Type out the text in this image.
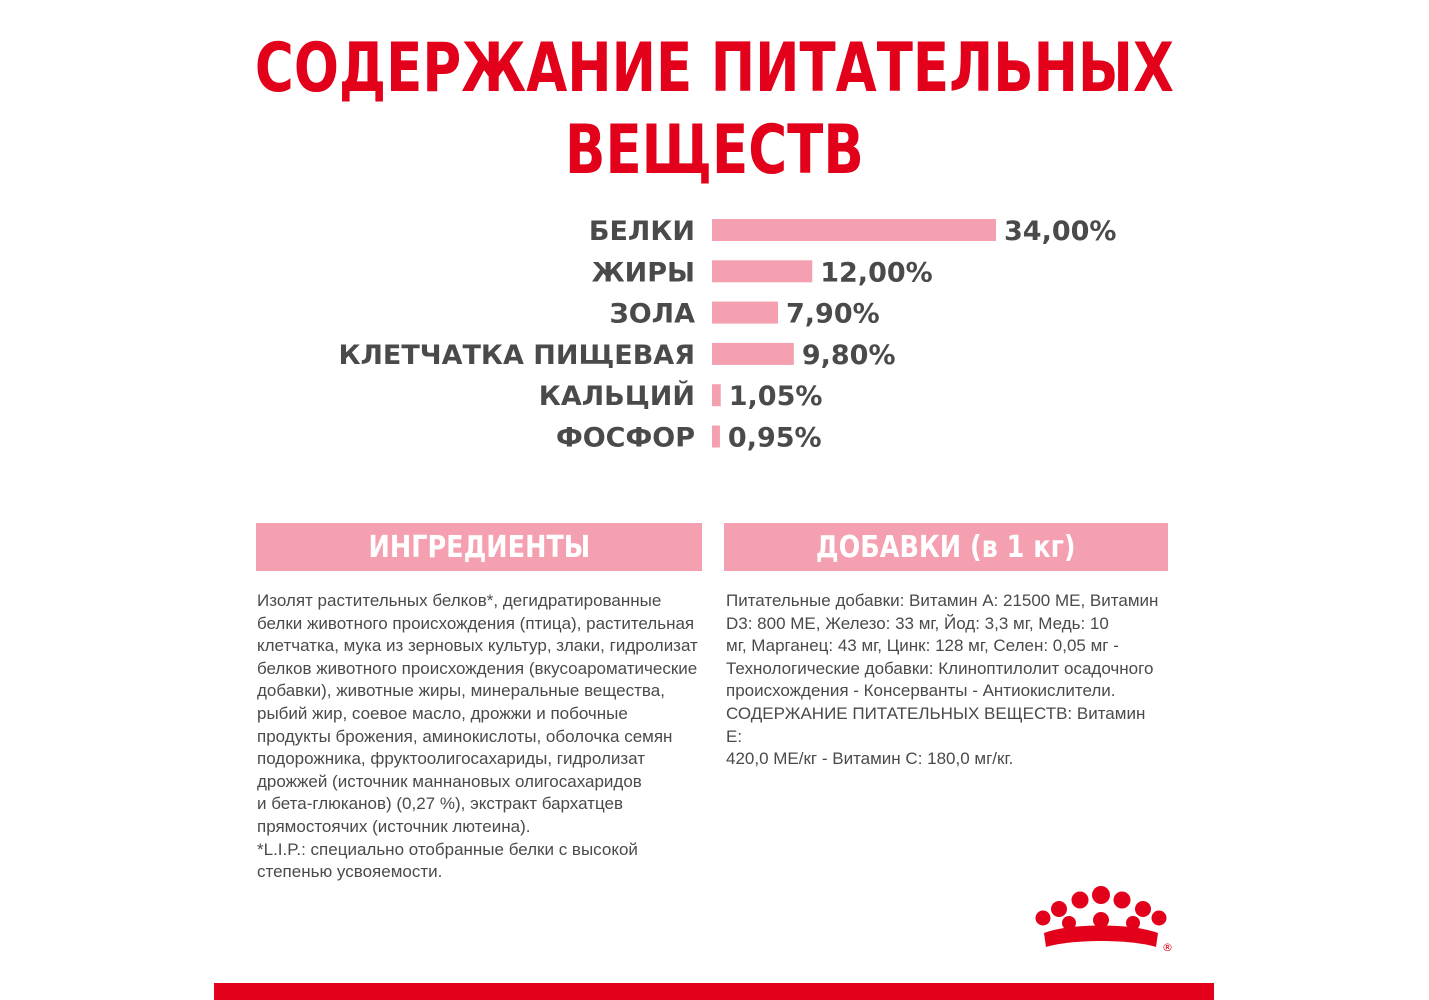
СОДЕРЖАНИЕ ПИТАТЕЛЬНЫХ
ВЕЩЕСТВ
БЕЛКИ	34,00%
ЖИРЫ	12,00%
ЗОЛА	7,90%
КЛЕТЧАТКА ПИЩЕВАЯ	9,80%
КАЛЬЦИЙ 1,05%
ФОСФОР 0,95%
ИНГРЕДИЕНТЫ	ДОБАВКИ (в 1 кг)
Изолят растительных белков*, дегидратированные
белки животного происхождения (птица), растительная
клетчатка, мука из зерновых культур, злаки, гидролизат
белков животного происхождения (вкусоароматические
добавки), животные жиры, минеральные вещества,
рыбий жир, соевое масло, дрожжи и побочные
продукты брожения, аминокислоты, оболочка семян
подорожника, фруктоолигосахариды, гидролизат
дрожжей (источник маннановых олигосахаридов
и бета-глюканов) (0,27 %), экстракт бархатцев
прямостоячих (источник лютеина).
*L.I.P.: специально отобранные белки с высокой
степенью усвояемости.
Питательные добавки: Витамин A: 21500 МЕ, Витамин
D3: 800 МЕ, Железо: 33 мг, Йод: 3,3 мг, Медь: 10
мг, Марганец: 43 мг, Цинк: 128 мг, Селен: 0,05 мг -
Технологические добавки: Клиноптилолит осадочного
происхождения - Консерванты - Антиокислители.
СОДЕРЖАНИЕ ПИТАТЕЛЬНЫХ ВЕЩЕСТВ: Витамин E:
420,0 МЕ/кг - Витамин C: 180,0 мг/кг.
®
